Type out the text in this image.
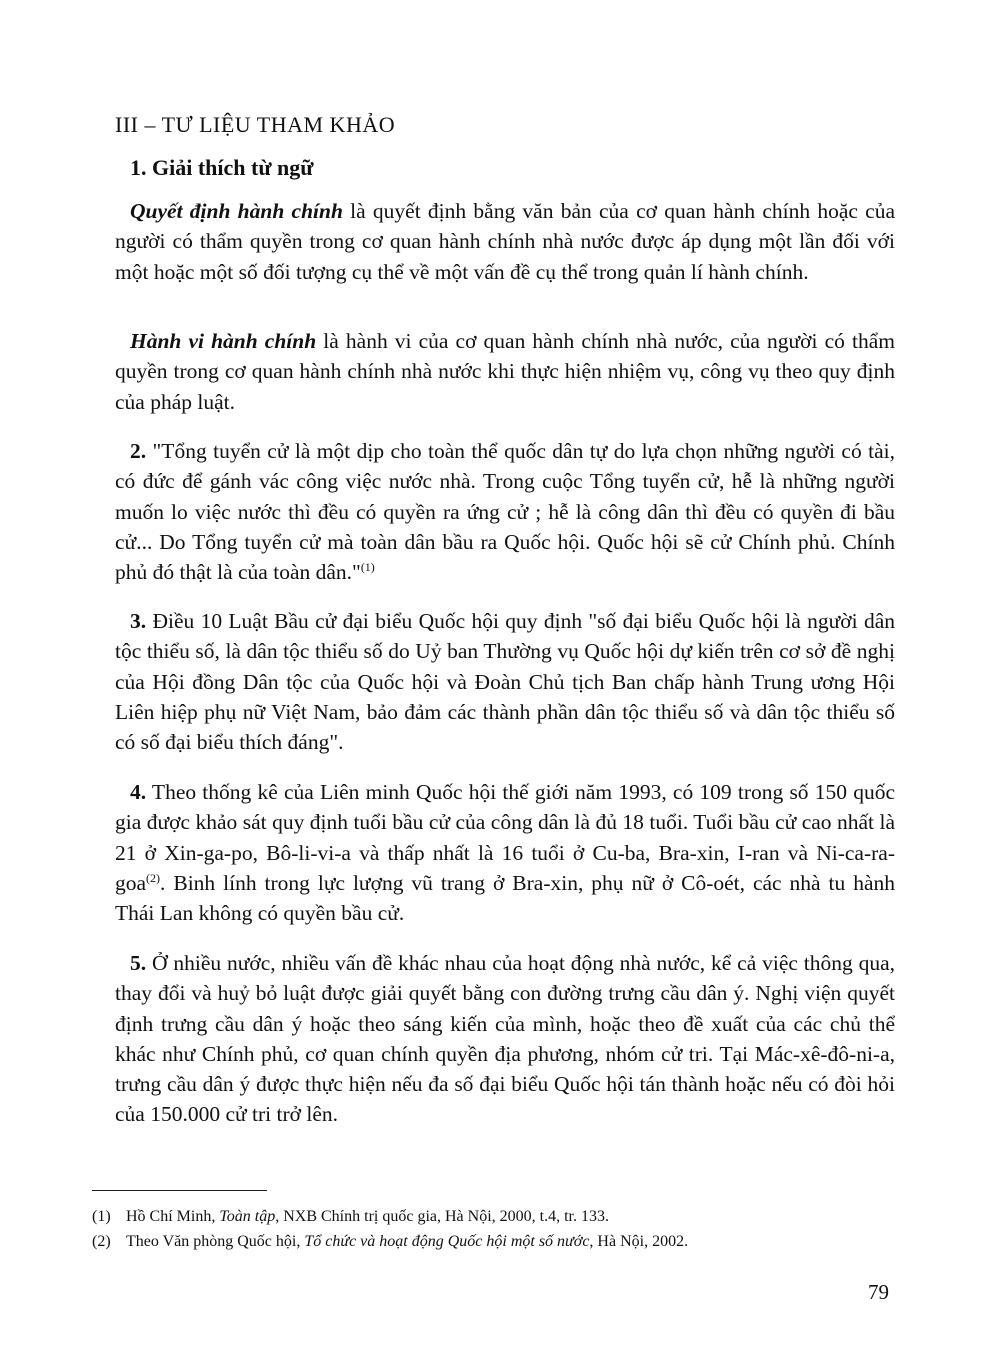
III – TƯ LIỆU THAM KHẢO
1. Giải thích từ ngữ

Quyết định hành chính là quyết định bằng văn bản của cơ quan hành chính hoặc của người có thẩm quyền trong cơ quan hành chính nhà nước được áp dụng một lần đối với một hoặc một số đối tượng cụ thể về một vấn đề cụ thể trong quản lí hành chính.

Hành vi hành chính là hành vi của cơ quan hành chính nhà nước, của người có thẩm quyền trong cơ quan hành chính nhà nước khi thực hiện nhiệm vụ, công vụ theo quy định của pháp luật.

2. "Tổng tuyển cử là một dịp cho toàn thể quốc dân tự do lựa chọn những người có tài, có đức để gánh vác công việc nước nhà. Trong cuộc Tổng tuyển cử, hễ là những người muốn lo việc nước thì đều có quyền ra ứng cử ; hễ là công dân thì đều có quyền đi bầu cử... Do Tổng tuyển cử mà toàn dân bầu ra Quốc hội. Quốc hội sẽ cử Chính phủ. Chính phủ đó thật là của toàn dân."$^{(1)}$

3. Điều 10 Luật Bầu cử đại biểu Quốc hội quy định "số đại biểu Quốc hội là người dân tộc thiểu số, là dân tộc thiểu số do Uỷ ban Thường vụ Quốc hội dự kiến trên cơ sở đề nghị của Hội đồng Dân tộc của Quốc hội và Đoàn Chủ tịch Ban chấp hành Trung ương Hội Liên hiệp phụ nữ Việt Nam, bảo đảm các thành phần dân tộc thiểu số và dân tộc thiểu số có số đại biểu thích đáng".

4. Theo thống kê của Liên minh Quốc hội thế giới năm 1993, có 109 trong số 150 quốc gia được khảo sát quy định tuổi bầu cử của công dân là đủ 18 tuổi. Tuổi bầu cử cao nhất là 21 ở Xin-ga-po, Bô-li-vi-a và thấp nhất là 16 tuổi ở Cu-ba, Bra-xin, I-ran và Ni-ca-ra-goa$^{(2)}$. Binh lính trong lực lượng vũ trang ở Bra-xin, phụ nữ ở Cô-oét, các nhà tu hành Thái Lan không có quyền bầu cử.

5. Ở nhiều nước, nhiều vấn đề khác nhau của hoạt động nhà nước, kể cả việc thông qua, thay đổi và huỷ bỏ luật được giải quyết bằng con đường trưng cầu dân ý. Nghị viện quyết định trưng cầu dân ý hoặc theo sáng kiến của mình, hoặc theo đề xuất của các chủ thể khác như Chính phủ, cơ quan chính quyền địa phương, nhóm cử tri. Tại Mác-xê-đô-ni-a, trưng cầu dân ý được thực hiện nếu đa số đại biểu Quốc hội tán thành hoặc nếu có đòi hỏi của 150.000 cử tri trở lên.

(1) Hồ Chí Minh, Toàn tập, NXB Chính trị quốc gia, Hà Nội, 2000, t.4, tr. 133.
(2) Theo Văn phòng Quốc hội, Tổ chức và hoạt động Quốc hội một số nước, Hà Nội, 2002.

79
